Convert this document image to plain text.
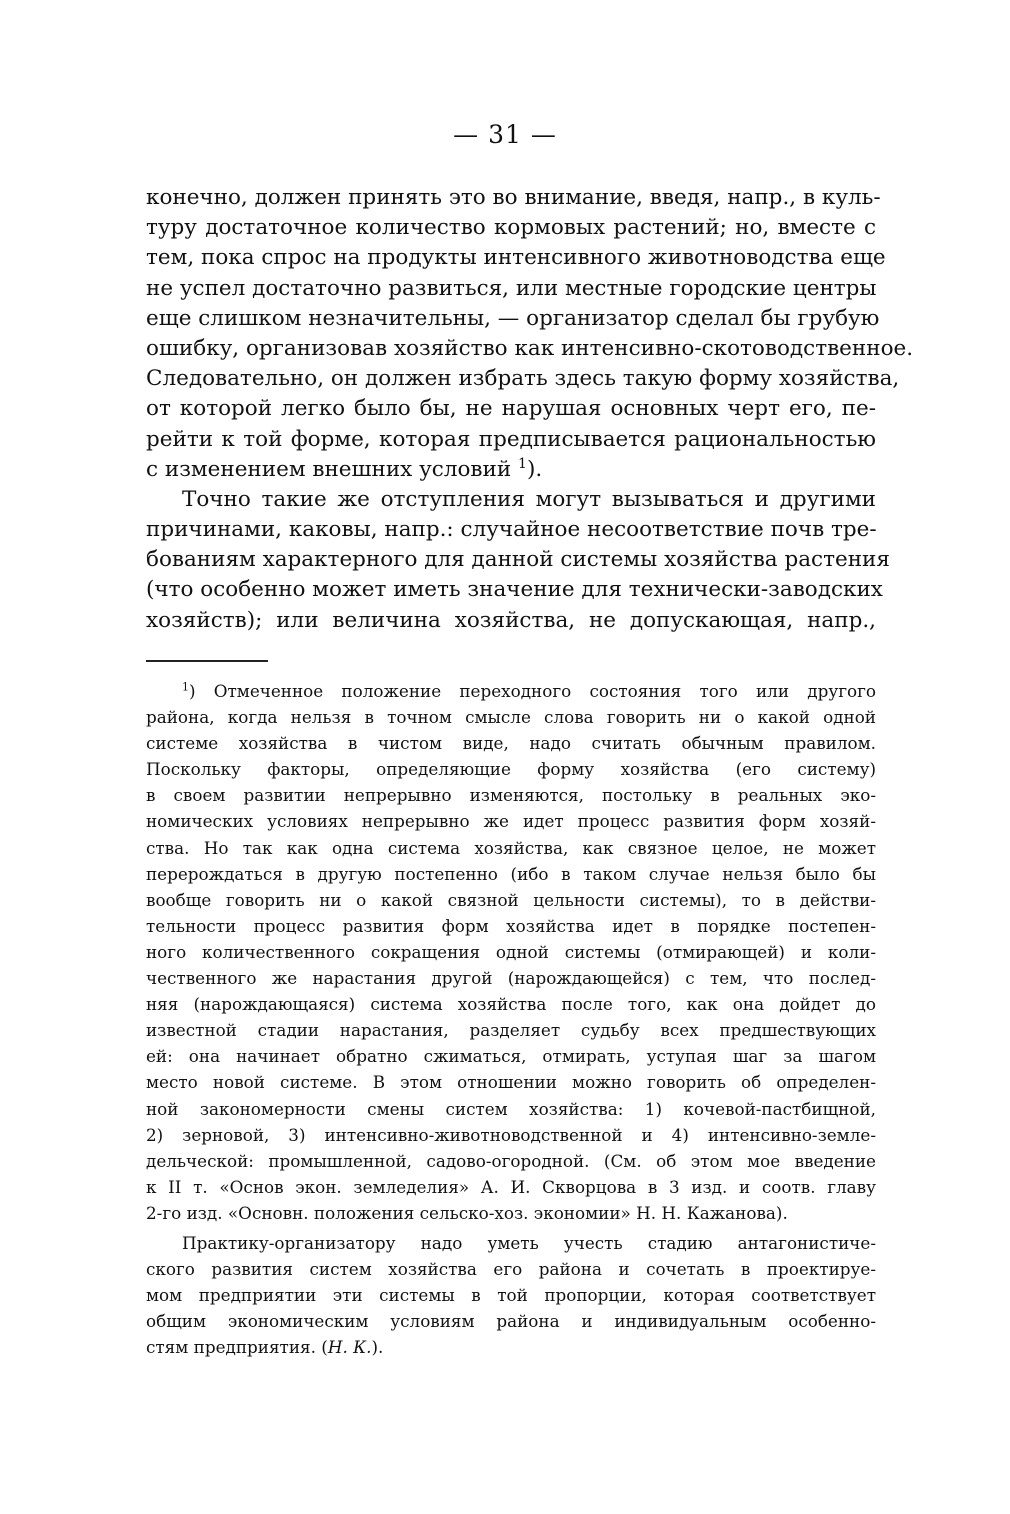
— 31 —
конечно, должен принять это во внимание, введя, напр., в куль-
туру достаточное количество кормовых растений; но, вместе с
тем, пока спрос на продукты интенсивного животноводства еще
не успел достаточно развиться, или местные городские центры
еще слишком незначительны, — организатор сделал бы грубую
ошибку, организовав хозяйство как интенсивно-скотоводственное.
Следовательно, он должен избрать здесь такую форму хозяйства,
от которой легко было бы, не нарушая основных черт его, пе-
рейти к той форме, которая предписывается рациональностью
с изменением внешних условий $^1$).
Точно такие же отступления могут вызываться и другими
причинами, каковы, напр.: случайное несоответствие почв тре-
бованиям характерного для данной системы хозяйства растения
(что особенно может иметь значение для технически-заводских
хозяйств); или величина хозяйства, не допускающая, напр.,
$^1$) Отмеченное положение переходного состояния того или другого
района, когда нельзя в точном смысле слова говорить ни о какой одной
системе хозяйства в чистом виде, надо считать обычным правилом.
Поскольку факторы, определяющие форму хозяйства (его систему)
в своем развитии непрерывно изменяются, постольку в реальных эко-
номических условиях непрерывно же идет процесс развития форм хозяй-
ства. Но так как одна система хозяйства, как связное целое, не может
перерождаться в другую постепенно (ибо в таком случае нельзя было бы
вообще говорить ни о какой связной цельности системы), то в действи-
тельности процесс развития форм хозяйства идет в порядке постепен-
ного количественного сокращения одной системы (отмирающей) и коли-
чественного же нарастания другой (нарождающейся) с тем, что послед-
няя (нарождающаяся) система хозяйства после того, как она дойдет до
известной стадии нарастания, разделяет судьбу всех предшествующих
ей: она начинает обратно сжиматься, отмирать, уступая шаг за шагом
место новой системе. В этом отношении можно говорить об определен-
ной закономерности смены систем хозяйства: 1) кочевой-пастбищной,
2) зерновой, 3) интенсивно-животноводственной и 4) интенсивно-земле-
дельческой: промышленной, садово-огородной. (См. об этом мое введение
к II т. «Основ экон. земледелия» А. И. Скворцова в 3 изд. и соотв. главу
2-го изд. «Основн. положения сельско-хоз. экономии» Н. Н. Кажанова).
Практику-организатору надо уметь учесть стадию антагонистиче-
ского развития систем хозяйства его района и сочетать в проектируе-
мом предприятии эти системы в той пропорции, которая соответствует
общим экономическим условиям района и индивидуальным особенно-
стям предприятия. (Н. К.).
